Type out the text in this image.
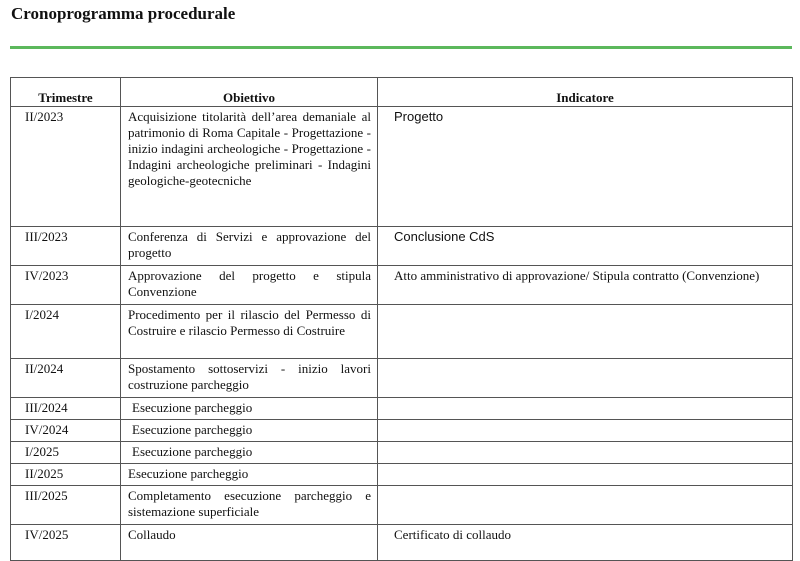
Cronoprogramma procedurale
Trimestre	Obiettivo	Indicatore
II/2023	Acquisizione titolarità dell’area demaniale al patrimonio di Roma Capitale - Progettazione - inizio indagini archeologiche - Progettazione - Indagini archeologiche preliminari - Indagini geologiche-geotecniche	Progetto
III/2023	Conferenza di Servizi e approvazione del progetto	Conclusione CdS
IV/2023	Approvazione del progetto e stipula Convenzione	Atto amministrativo di approvazione/ Stipula contratto (Convenzione)
I/2024	Procedimento per il rilascio del Permesso di Costruire e rilascio Permesso di Costruire	

II/2024	Spostamento sottoservizi - inizio lavori costruzione parcheggio	

III/2024	Esecuzione parcheggio	

IV/2024	Esecuzione parcheggio	

I/2025	Esecuzione parcheggio	

II/2025	Esecuzione parcheggio	

III/2025	Completamento esecuzione parcheggio e sistemazione superficiale	

IV/2025	Collaudo	Certificato di collaudo
